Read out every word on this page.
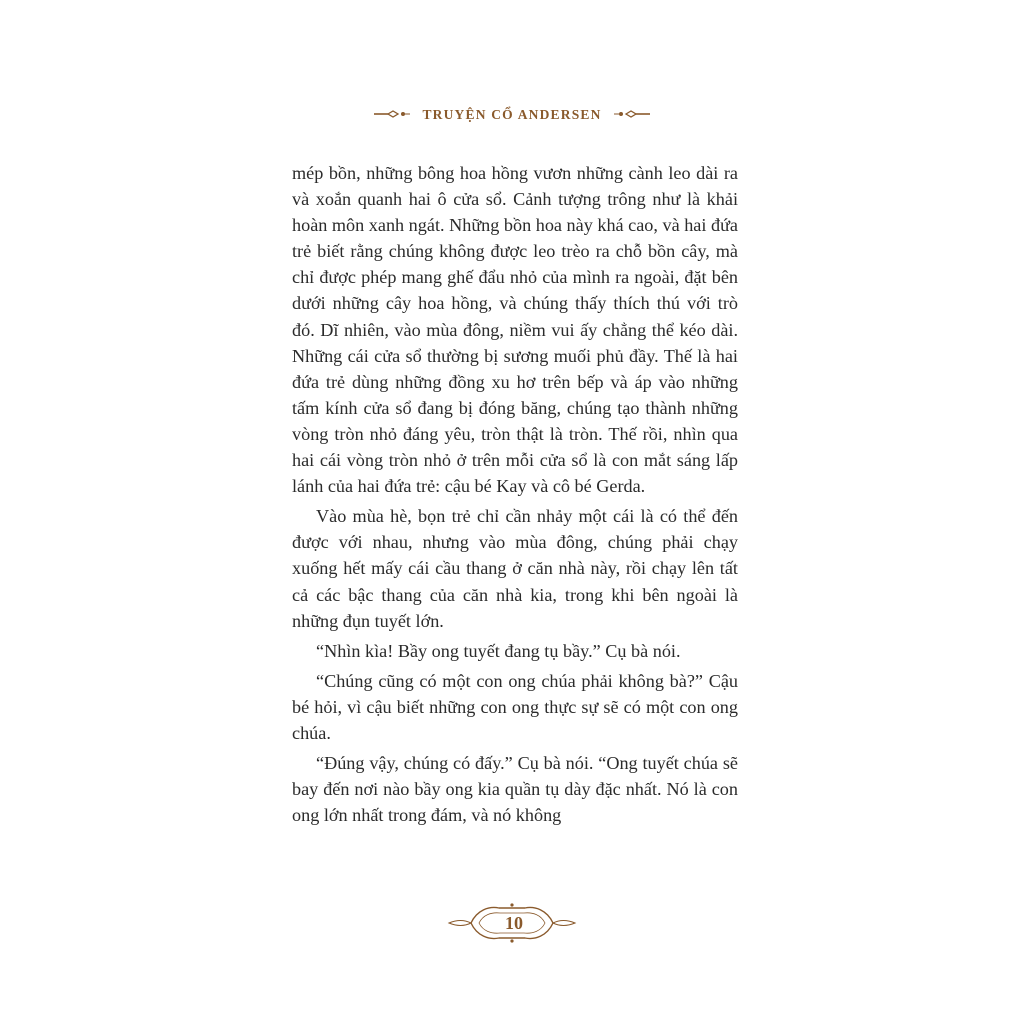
TRUYỆN CỔ ANDERSEN

mép bồn, những bông hoa hồng vươn những cành leo dài ra và xoắn quanh hai ô cửa sổ. Cảnh tượng trông như là khải hoàn môn xanh ngát. Những bồn hoa này khá cao, và hai đứa trẻ biết rằng chúng không được leo trèo ra chỗ bồn cây, mà chỉ được phép mang ghế đẩu nhỏ của mình ra ngoài, đặt bên dưới những cây hoa hồng, và chúng thấy thích thú với trò đó. Dĩ nhiên, vào mùa đông, niềm vui ấy chẳng thể kéo dài. Những cái cửa sổ thường bị sương muối phủ đầy. Thế là hai đứa trẻ dùng những đồng xu hơ trên bếp và áp vào những tấm kính cửa sổ đang bị đóng băng, chúng tạo thành những vòng tròn nhỏ đáng yêu, tròn thật là tròn. Thế rồi, nhìn qua hai cái vòng tròn nhỏ ở trên mỗi cửa sổ là con mắt sáng lấp lánh của hai đứa trẻ: cậu bé Kay và cô bé Gerda.

Vào mùa hè, bọn trẻ chỉ cần nhảy một cái là có thể đến được với nhau, nhưng vào mùa đông, chúng phải chạy xuống hết mấy cái cầu thang ở căn nhà này, rồi chạy lên tất cả các bậc thang của căn nhà kia, trong khi bên ngoài là những đụn tuyết lớn.

“Nhìn kìa! Bầy ong tuyết đang tụ bầy.” Cụ bà nói.

“Chúng cũng có một con ong chúa phải không bà?” Cậu bé hỏi, vì cậu biết những con ong thực sự sẽ có một con ong chúa.

“Đúng vậy, chúng có đấy.” Cụ bà nói. “Ong tuyết chúa sẽ bay đến nơi nào bầy ong kia quần tụ dày đặc nhất. Nó là con ong lớn nhất trong đám, và nó không

10
